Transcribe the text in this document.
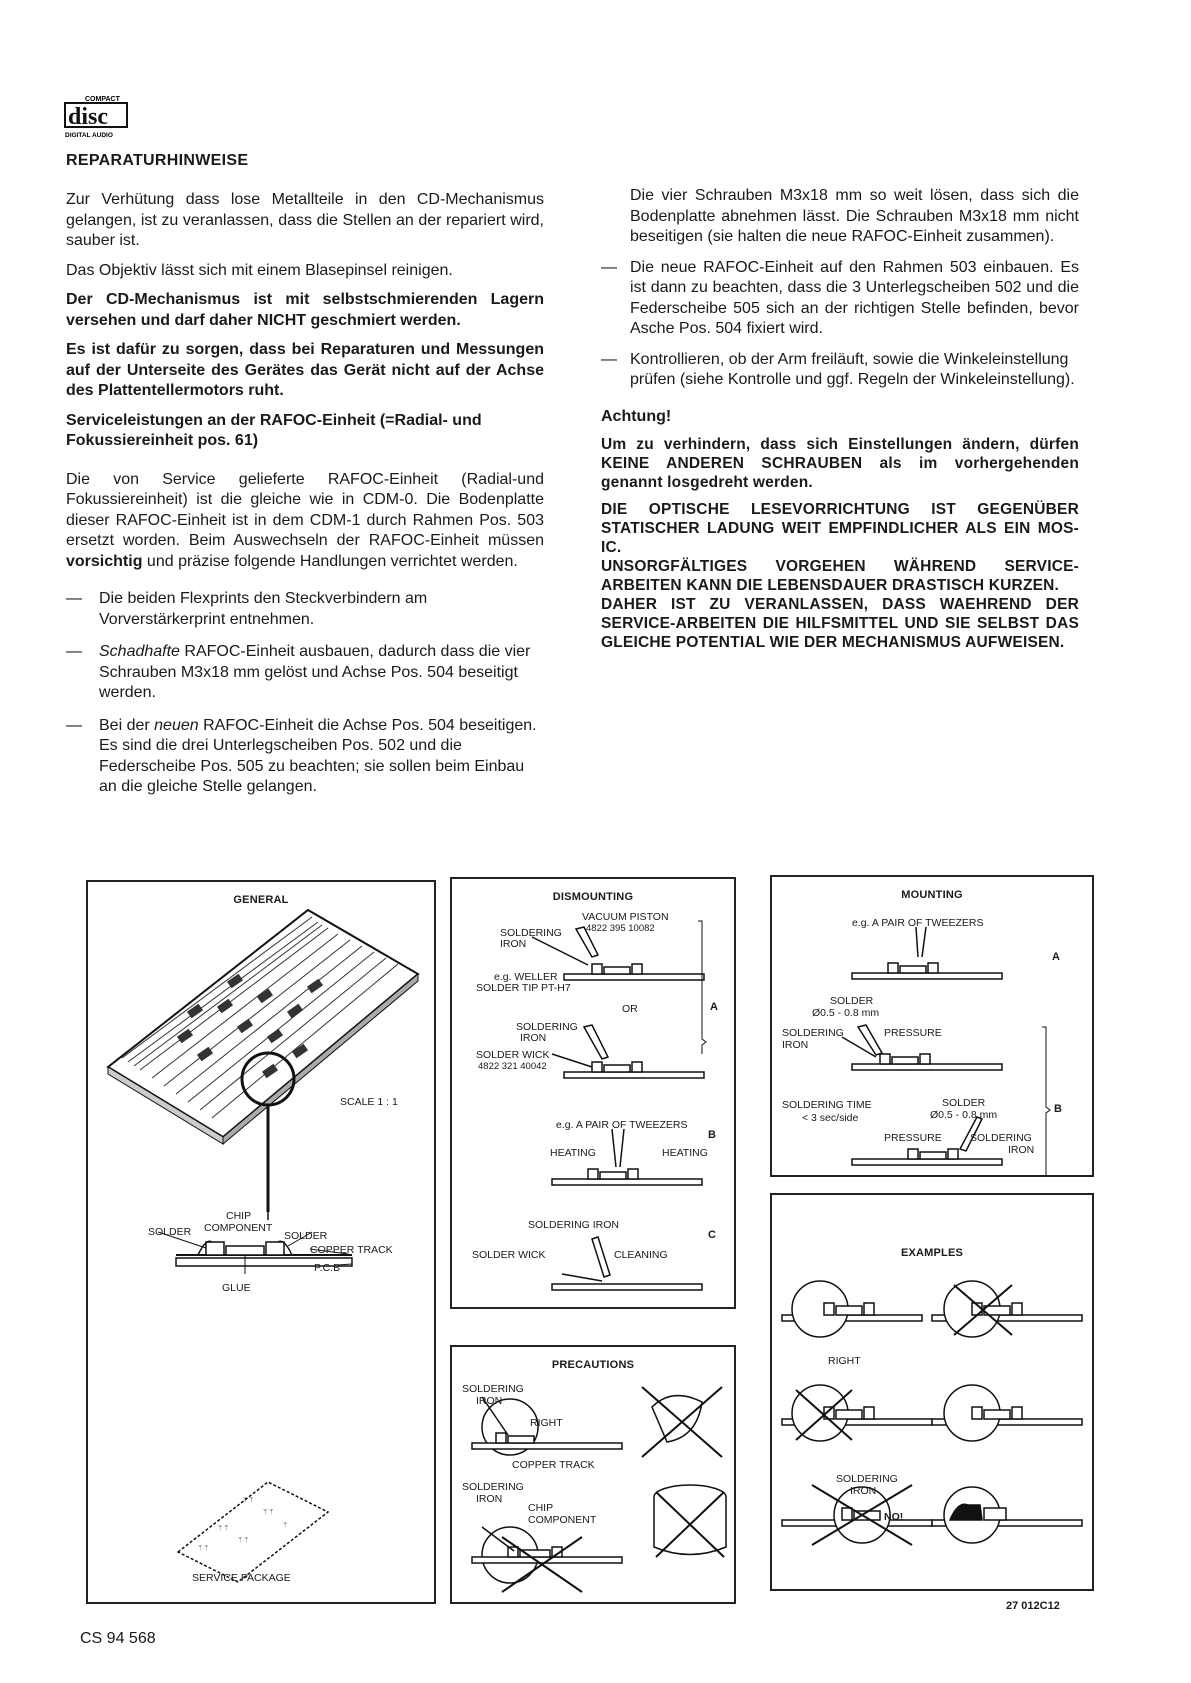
COMPACT
disc
DIGITAL AUDIO
REPARATURHINWEISE

Zur Verhütung dass lose Metallteile in den CD-Mechanismus gelangen, ist zu veranlassen, dass die Stellen an der repariert wird, sauber ist.

Das Objektiv lässt sich mit einem Blasepinsel reinigen.

Der CD-Mechanismus ist mit selbstschmierenden Lagern versehen und darf daher NICHT geschmiert werden.

Es ist dafür zu sorgen, dass bei Reparaturen und Messungen auf der Unterseite des Gerätes das Gerät nicht auf der Achse des Plattentellermotors ruht.

Serviceleistungen an der RAFOC-Einheit (=Radial- und Fokussiereinheit pos. 61)

Die von Service gelieferte RAFOC-Einheit (Radial-und Fokussiereinheit) ist die gleiche wie in CDM-0. Die Bodenplatte dieser RAFOC-Einheit ist in dem CDM-1 durch Rahmen Pos. 503 ersetzt worden. Beim Auswechseln der RAFOC-Einheit müssen vorsichtig und präzise folgende Handlungen verrichtet werden.

— Die beiden Flexprints den Steckverbindern am Vorverstärkerprint entnehmen.
— Schadhafte RAFOC-Einheit ausbauen, dadurch dass die vier Schrauben M3x18 mm gelöst und Achse Pos. 504 beseitigt werden.
— Bei der neuen RAFOC-Einheit die Achse Pos. 504 beseitigen. Es sind die drei Unterlegscheiben Pos. 502 und die Federscheibe Pos. 505 zu beachten; sie sollen beim Einbau an die gleiche Stelle gelangen.

Die vier Schrauben M3x18 mm so weit lösen, dass sich die Bodenplatte abnehmen lässt. Die Schrauben M3x18 mm nicht beseitigen (sie halten die neue RAFOC-Einheit zusammen).

— Die neue RAFOC-Einheit auf den Rahmen 503 einbauen. Es ist dann zu beachten, dass die 3 Unterlegscheiben 502 und die Federscheibe 505 sich an der richtigen Stelle befinden, bevor Asche Pos. 504 fixiert wird.
— Kontrollieren, ob der Arm freiläuft, sowie die Winkeleinstellung prüfen (siehe Kontrolle und ggf. Regeln der Winkeleinstellung).

Achtung!

Um zu verhindern, dass sich Einstellungen ändern, dürfen KEINE ANDEREN SCHRAUBEN als im vorhergehenden genannt losgedreht werden.

DIE OPTISCHE LESEVORRICHTUNG IST GEGENÜBER STATISCHER LADUNG WEIT EMPFINDLICHER ALS EIN MOS-IC.
UNSORGFÄLTIGES VORGEHEN WÄHREND SERVICE-ARBEITEN KANN DIE LEBENSDAUER DRASTISCH KURZEN.
DAHER IST ZU VERANLASSEN, DASS WAEHREND DER SERVICE-ARBEITEN DIE HILFSMITTEL UND SIE SELBST DAS GLEICHE POTENTIAL WIE DER MECHANISMUS AUFWEISEN.
GENERAL
ᛘ ᛘ
ᛘ ᛘ
ᛘ ᛘ
ᛘ ᛘ
ᛘ ᛘ
ᛘ
SCALE 1 : 1
CHIP
COMPONENT
SOLDER	SOLDER
COPPER TRACK
P.C.B
GLUE
SERVICE PACKAGE
DISMOUNTING
VACUUM PISTON
4822 395 10082
SOLDERING
IRON
e.g. WELLER
SOLDER TIP PT-H7
OR	A
SOLDERING
IRON
SOLDER WICK
4822 321 40042
e.g. A PAIR OF TWEEZERS
B
HEATING	HEATING
SOLDERING IRON
C
SOLDER WICK	CLEANING
MOUNTING
e.g. A PAIR OF TWEEZERS
A
SOLDER
Ø0.5 - 0.8 mm
SOLDERING
IRON
PRESSURE
SOLDERING TIME
< 3 sec/side
SOLDER
Ø0.5 - 0.8 mm	B
PRESSURE	SOLDERING
IRON
PRECAUTIONS
SOLDERING
IRON
RIGHT
COPPER TRACK
SOLDERING
IRON
CHIP
COMPONENT
EXAMPLES
RIGHT
SOLDERING
IRON
NO!
CS 94 568
27 012C12
